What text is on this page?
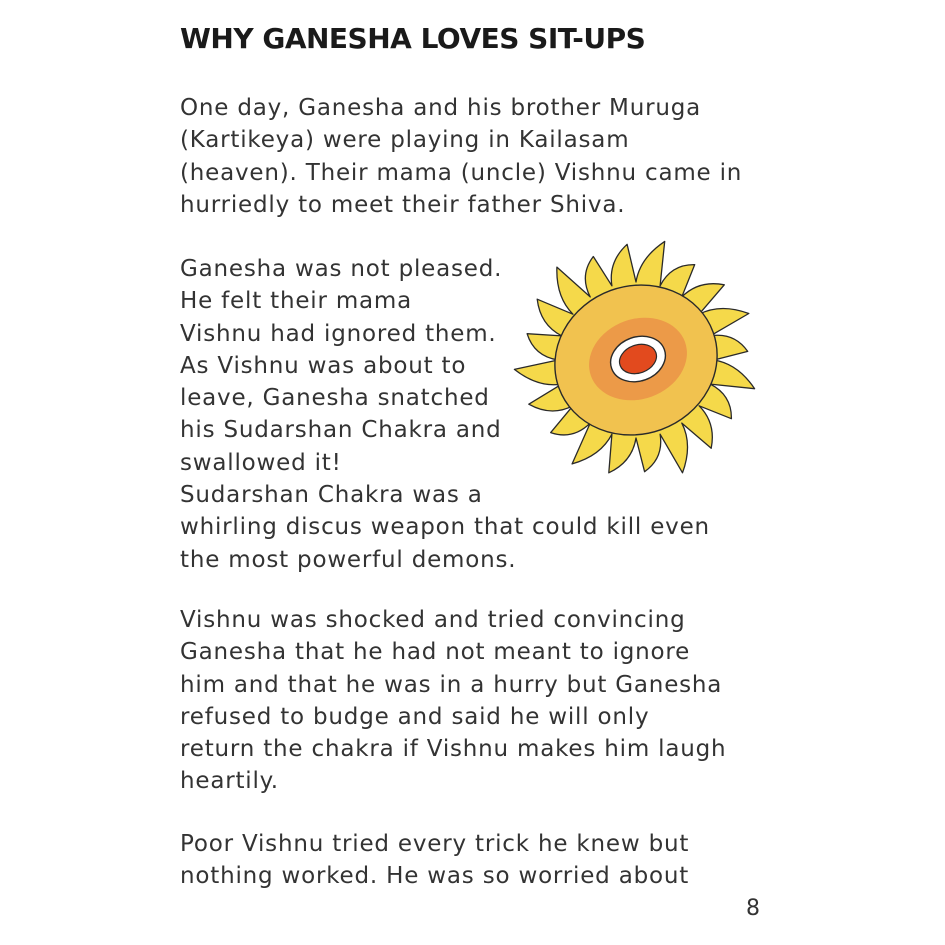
WHY GANESHA LOVES SIT-UPS
One day, Ganesha and his brother Muruga
(Kartikeya) were playing in Kailasam
(heaven). Their mama (uncle) Vishnu came in
hurriedly to meet their father Shiva.
Ganesha was not pleased.
He felt their mama
Vishnu had ignored them.
As Vishnu was about to
leave, Ganesha snatched
his Sudarshan Chakra and
swallowed it!
Sudarshan Chakra was a
whirling discus weapon that could kill even
the most powerful demons.
Vishnu was shocked and tried convincing
Ganesha that he had not meant to ignore
him and that he was in a hurry but Ganesha
refused to budge and said he will only
return the chakra if Vishnu makes him laugh
heartily.
Poor Vishnu tried every trick he knew but
nothing worked. He was so worried about
8
